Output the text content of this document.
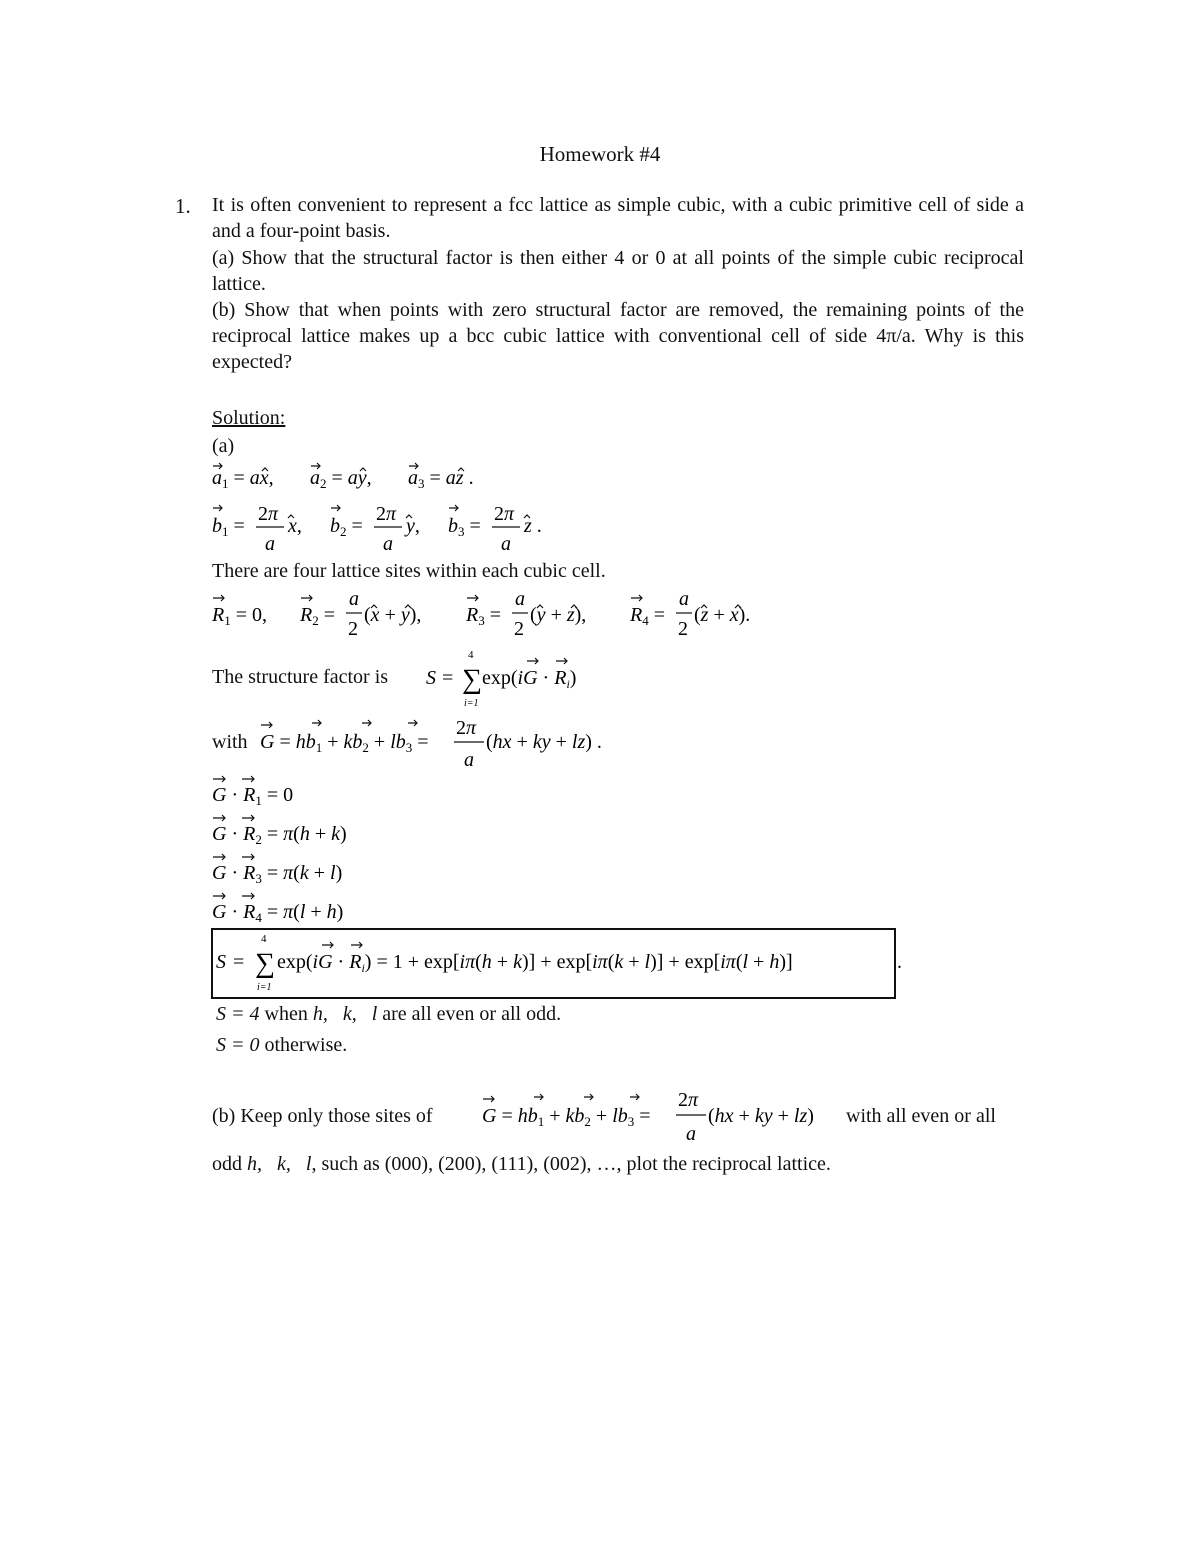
Homework #4
1. It is often convenient to represent a fcc lattice as simple cubic, with a cubic primitive cell of side a and a four-point basis.
(a) Show that the structural factor is then either 4 or 0 at all points of the simple cubic reciprocal lattice.
(b) Show that when points with zero structural factor are removed, the remaining points of the reciprocal lattice makes up a bcc cubic lattice with conventional cell of side 4π/a. Why is this expected?
Solution:
(a)
$a_1$ = ax, $a_2$ = ay, $a_3$ = az .
$b_1$ =
2π
a
x, $b_2$ =
2π
a
y, $b_3$ =
2π
a
z .
There are four lattice sites within each cubic cell.
$R_1 = 0$, $R_2$ =
a
2
(x + y), $R_3$ =
a
2
(y + z), $R_4$ =
a
2
(z + x).
The structure factor is S =
4
∑
i=1
$\exp(iG \cdot R_i)$
with $G = hb_1 + kb_2 + lb_3$ =
2π
a
(hx + ky + lz) .
$G \cdot R_1 = 0$
$G \cdot R_2 = \pi(h + k)$
$G \cdot R_3 = \pi(k + l)$
$G \cdot R_4 = \pi(l + h)$
S =
4
∑
i=1
$\exp(iG \cdot R_i) = 1 + \exp[i\pi(h + k)] + \exp[i\pi(k + l)] + \exp[i\pi(l + h)]$	.
S = 4 when h,   k,   l are all even or all odd.
S = 0 otherwise.
(b) Keep only those sites of $G = hb_1 + kb_2 + lb_3$ =
2π
a
(hx + ky + lz) with all even or all
odd h,   k,   l, such as (000), (200), (111), (002), …, plot the reciprocal lattice.
